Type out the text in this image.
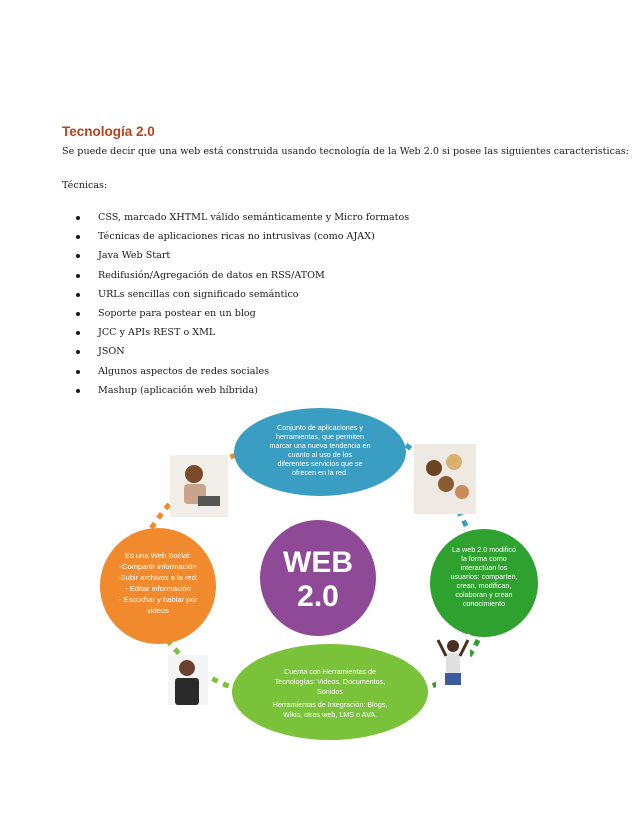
Tecnología 2.0

Se puede decir que una web está construida usando tecnología de la Web 2.0 si posee las siguientes características:

Técnicas:

CSS, marcado XHTML válido semánticamente y Micro formatos
Técnicas de aplicaciones ricas no intrusivas (como AJAX)
Java Web Start
Redifusión/Agregación de datos en RSS/ATOM
URLs sencillas con significado semántico
Soporte para postear en un blog
JCC y APIs REST o XML
JSON
Algunos aspectos de redes sociales
Mashup (aplicación web híbrida)
WEB
2.0
Conjunto de aplicaciones y
herramientas, que permiten
marcar una nueva tendencia en
cuanto al uso de los
diferentes servicios que se
ofrecen en la red.
La web 2.0 modificó
la forma como
interactúan los
usuarios: comparten,
crean, modifican,
colaboran y crean
conocimiento
Cuenta con Herramientas de
Tecnologías: Videos, Documentos,
Sonidos
Herramientas de Integración: Blogs,
Wikis, otros web, LMS o AVA.
Es una Web Social:
-Compartir información
-Subir archivos a la red.
- Editar información
- Escuchar y hablar por
videos
